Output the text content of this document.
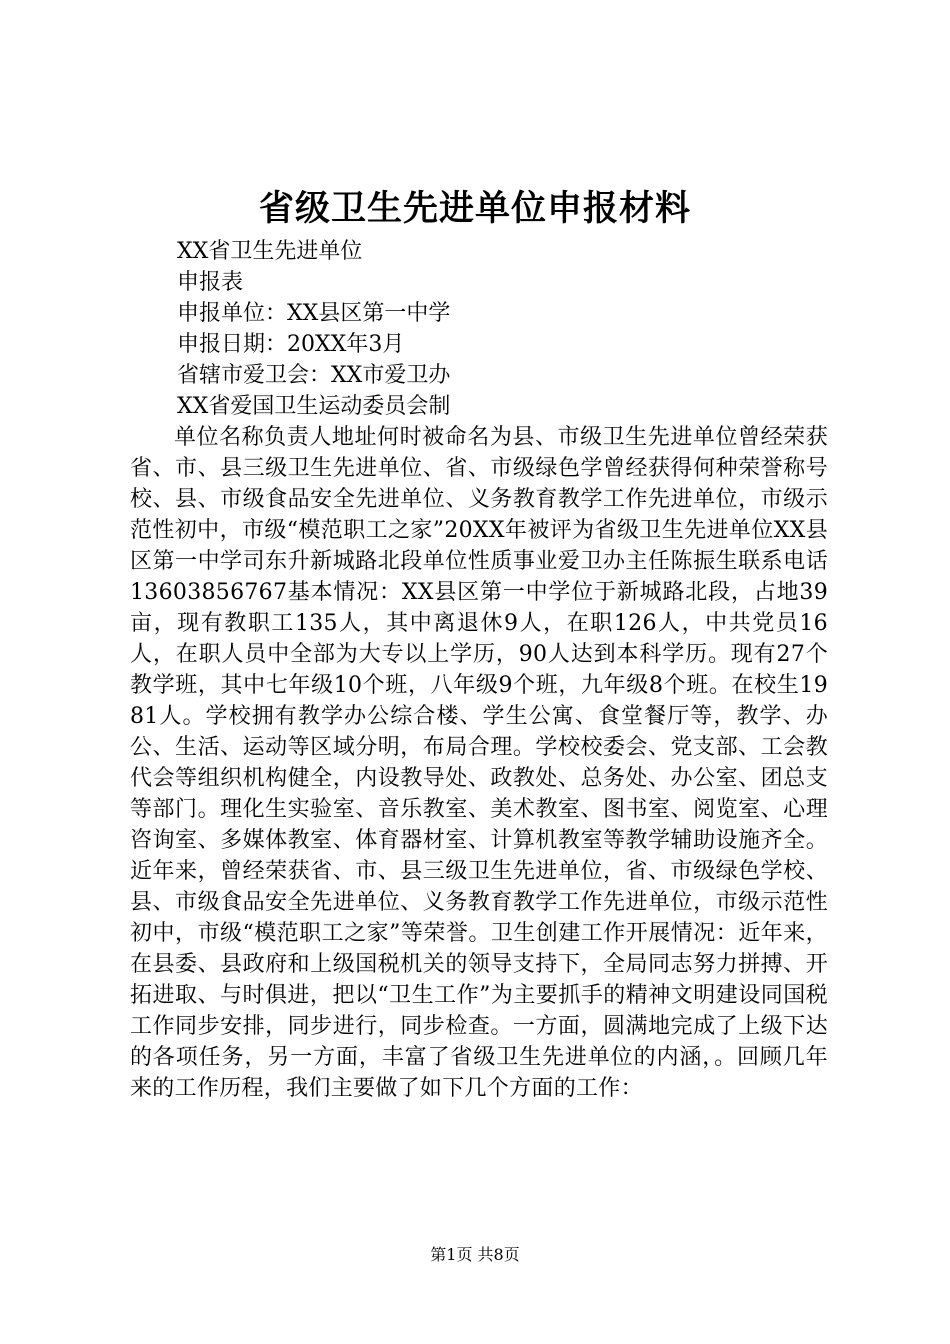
省级卫生先进单位申报材料
XX省卫生先进单位
申报表
申报单位：XX县区第一中学
申报日期：20XX年3月
省辖市爱卫会：XX市爱卫办
XX省爱国卫生运动委员会制
单位名称负责人地址何时被命名为县、市级卫生先进单位曾经荣获省、市、县三级卫生先进单位、省、市级绿色学曾经获得何种荣誉称号校、县、市级食品安全先进单位、义务教育教学工作先进单位，市级示范性初中，市级“模范职工之家”20XX年被评为省级卫生先进单位XX县区第一中学司东升新城路北段单位性质事业爱卫办主任陈振生联系电话13603856767基本情况：XX县区第一中学位于新城路北段，占地39亩，现有教职工135人，其中离退休9人，在职126人，中共党员16人，在职人员中全部为大专以上学历，90人达到本科学历。现有27个教学班，其中七年级10个班，八年级9个班，九年级8个班。在校生1981人。学校拥有教学办公综合楼、学生公寓、食堂餐厅等，教学、办公、生活、运动等区域分明，布局合理。学校校委会、党支部、工会教代会等组织机构健全，内设教导处、政教处、总务处、办公室、团总支等部门。理化生实验室、音乐教室、美术教室、图书室、阅览室、心理咨询室、多媒体教室、体育器材室、计算机教室等教学辅助设施齐全。近年来，曾经荣获省、市、县三级卫生先进单位，省、市级绿色学校、县、市级食品安全先进单位、义务教育教学工作先进单位，市级示范性初中，市级“模范职工之家”等荣誉。卫生创建工作开展情况：近年来，在县委、县政府和上级国税机关的领导支持下，全局同志努力拼搏、开拓进取、与时俱进，把以“卫生工作”为主要抓手的精神文明建设同国税工作同步安排，同步进行，同步检查。一方面，圆满地完成了上级下达的各项任务，另一方面，丰富了省级卫生先进单位的内涵，。回顾几年来的工作历程，我们主要做了如下几个方面的工作：
第1页 共8页
